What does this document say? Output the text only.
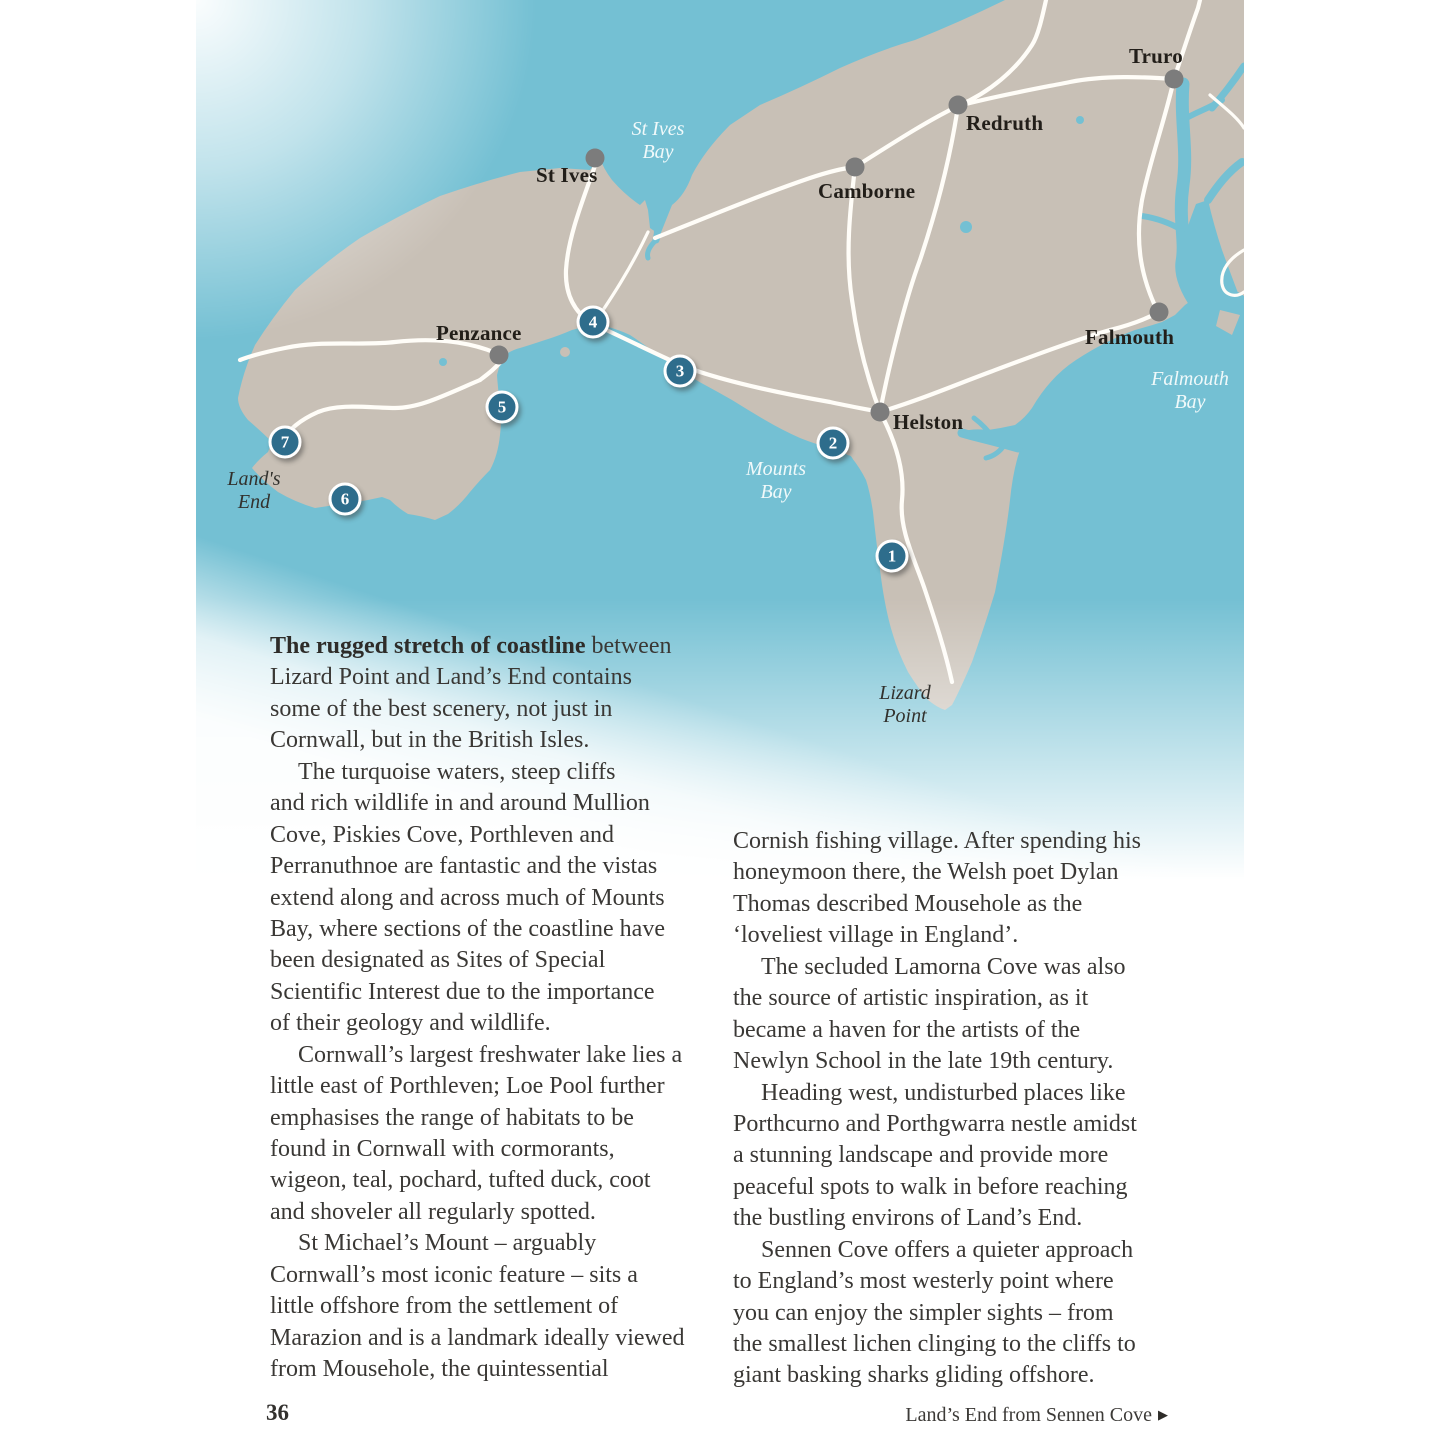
St Ives
Penzance
Camborne
Redruth
Truro
Falmouth
Helston
St Ives
Bay
Mounts
Bay
Falmouth
Bay
Land's
End
Lizard
Point
1
2
3
4
5
6
7
The rugged stretch of coastline between
Lizard Point and Land’s End contains
some of the best scenery, not just in
Cornwall, but in the British Isles.
The turquoise waters, steep cliffs
and rich wildlife in and around Mullion
Cove, Piskies Cove, Porthleven and
Perranuthnoe are fantastic and the vistas
extend along and across much of Mounts
Bay, where sections of the coastline have
been designated as Sites of Special
Scientific Interest due to the importance
of their geology and wildlife.
Cornwall’s largest freshwater lake lies a
little east of Porthleven; Loe Pool further
emphasises the range of habitats to be
found in Cornwall with cormorants,
wigeon, teal, pochard, tufted duck, coot
and shoveler all regularly spotted.
St Michael’s Mount – arguably
Cornwall’s most iconic feature – sits a
little offshore from the settlement of
Marazion and is a landmark ideally viewed
from Mousehole, the quintessential
Cornish fishing village. After spending his
honeymoon there, the Welsh poet Dylan
Thomas described Mousehole as the
‘loveliest village in England’.
The secluded Lamorna Cove was also
the source of artistic inspiration, as it
became a haven for the artists of the
Newlyn School in the late 19th century.
Heading west, undisturbed places like
Porthcurno and Porthgwarra nestle amidst
a stunning landscape and provide more
peaceful spots to walk in before reaching
the bustling environs of Land’s End.
Sennen Cove offers a quieter approach
to England’s most westerly point where
you can enjoy the simpler sights – from
the smallest lichen clinging to the cliffs to
giant basking sharks gliding offshore.
36	Land’s End from Sennen Cove ▶
